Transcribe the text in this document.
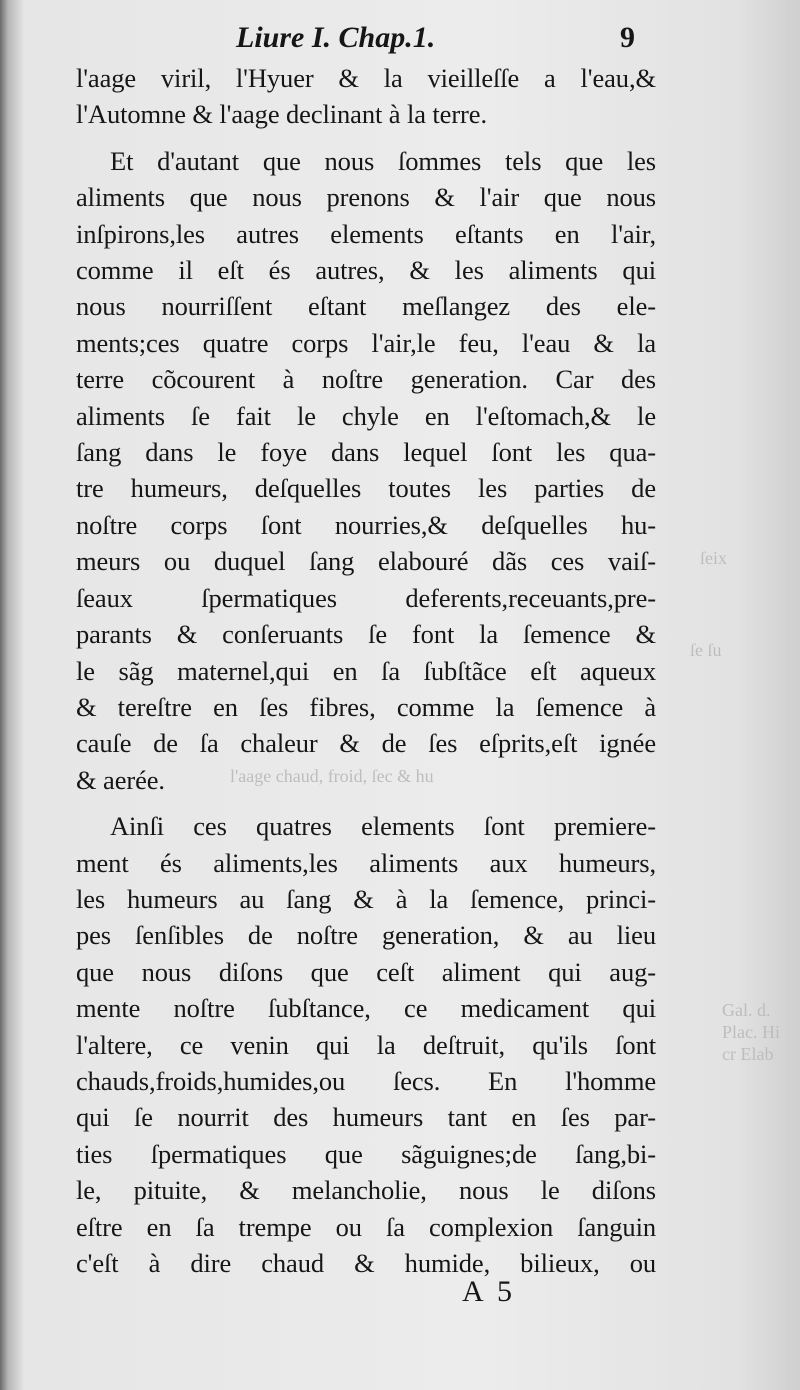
ſeix
ſe ſu
l'aage chaud, froid, ſec & hu
Gal. d.
Plac. Hi
cr Elab
Liure I. Chap.1.	9

l'aage viril, l'Hyuer & la vieilleſſe a l'eau,&
l'Automne & l'aage declinant à la terre.

Et d'autant que nous ſommes tels que les
aliments que nous prenons & l'air que nous
inſpirons,les autres elements eſtants en l'air,
comme il eſt és autres, & les aliments qui
nous nourriſſent eſtant meſlangez des ele-
ments;ces quatre corps l'air,le feu, l'eau & la
terre cõcourent à noſtre generation. Car des
aliments ſe fait le chyle en l'eſtomach,& le
ſang dans le foye dans lequel ſont les qua-
tre humeurs, deſquelles toutes les parties de
noſtre corps ſont nourries,& deſquelles hu-
meurs ou duquel ſang elabouré dãs ces vaiſ-
ſeaux ſpermatiques deferents,receuants,pre-
parants & conſeruants ſe font la ſemence &
le sãg maternel,qui en ſa ſubſtãce eſt aqueux
& tereſtre en ſes fibres, comme la ſemence à
cauſe de ſa chaleur & de ſes eſprits,eſt ignée
& aerée.

Ainſi ces quatres elements ſont premiere-
ment és aliments,les aliments aux humeurs,
les humeurs au ſang & à la ſemence, princi-
pes ſenſibles de noſtre generation, & au lieu
que nous diſons que ceſt aliment qui aug-
mente noſtre ſubſtance, ce medicament qui
l'altere, ce venin qui la deſtruit, qu'ils ſont
chauds,froids,humides,ou ſecs. En l'homme
qui ſe nourrit des humeurs tant en ſes par-
ties ſpermatiques que sãguignes;de ſang,bi-
le, pituite, & melancholie, nous le diſons
eſtre en ſa trempe ou ſa complexion ſanguin
c'eſt à dire chaud & humide, bilieux, ou

A  5
